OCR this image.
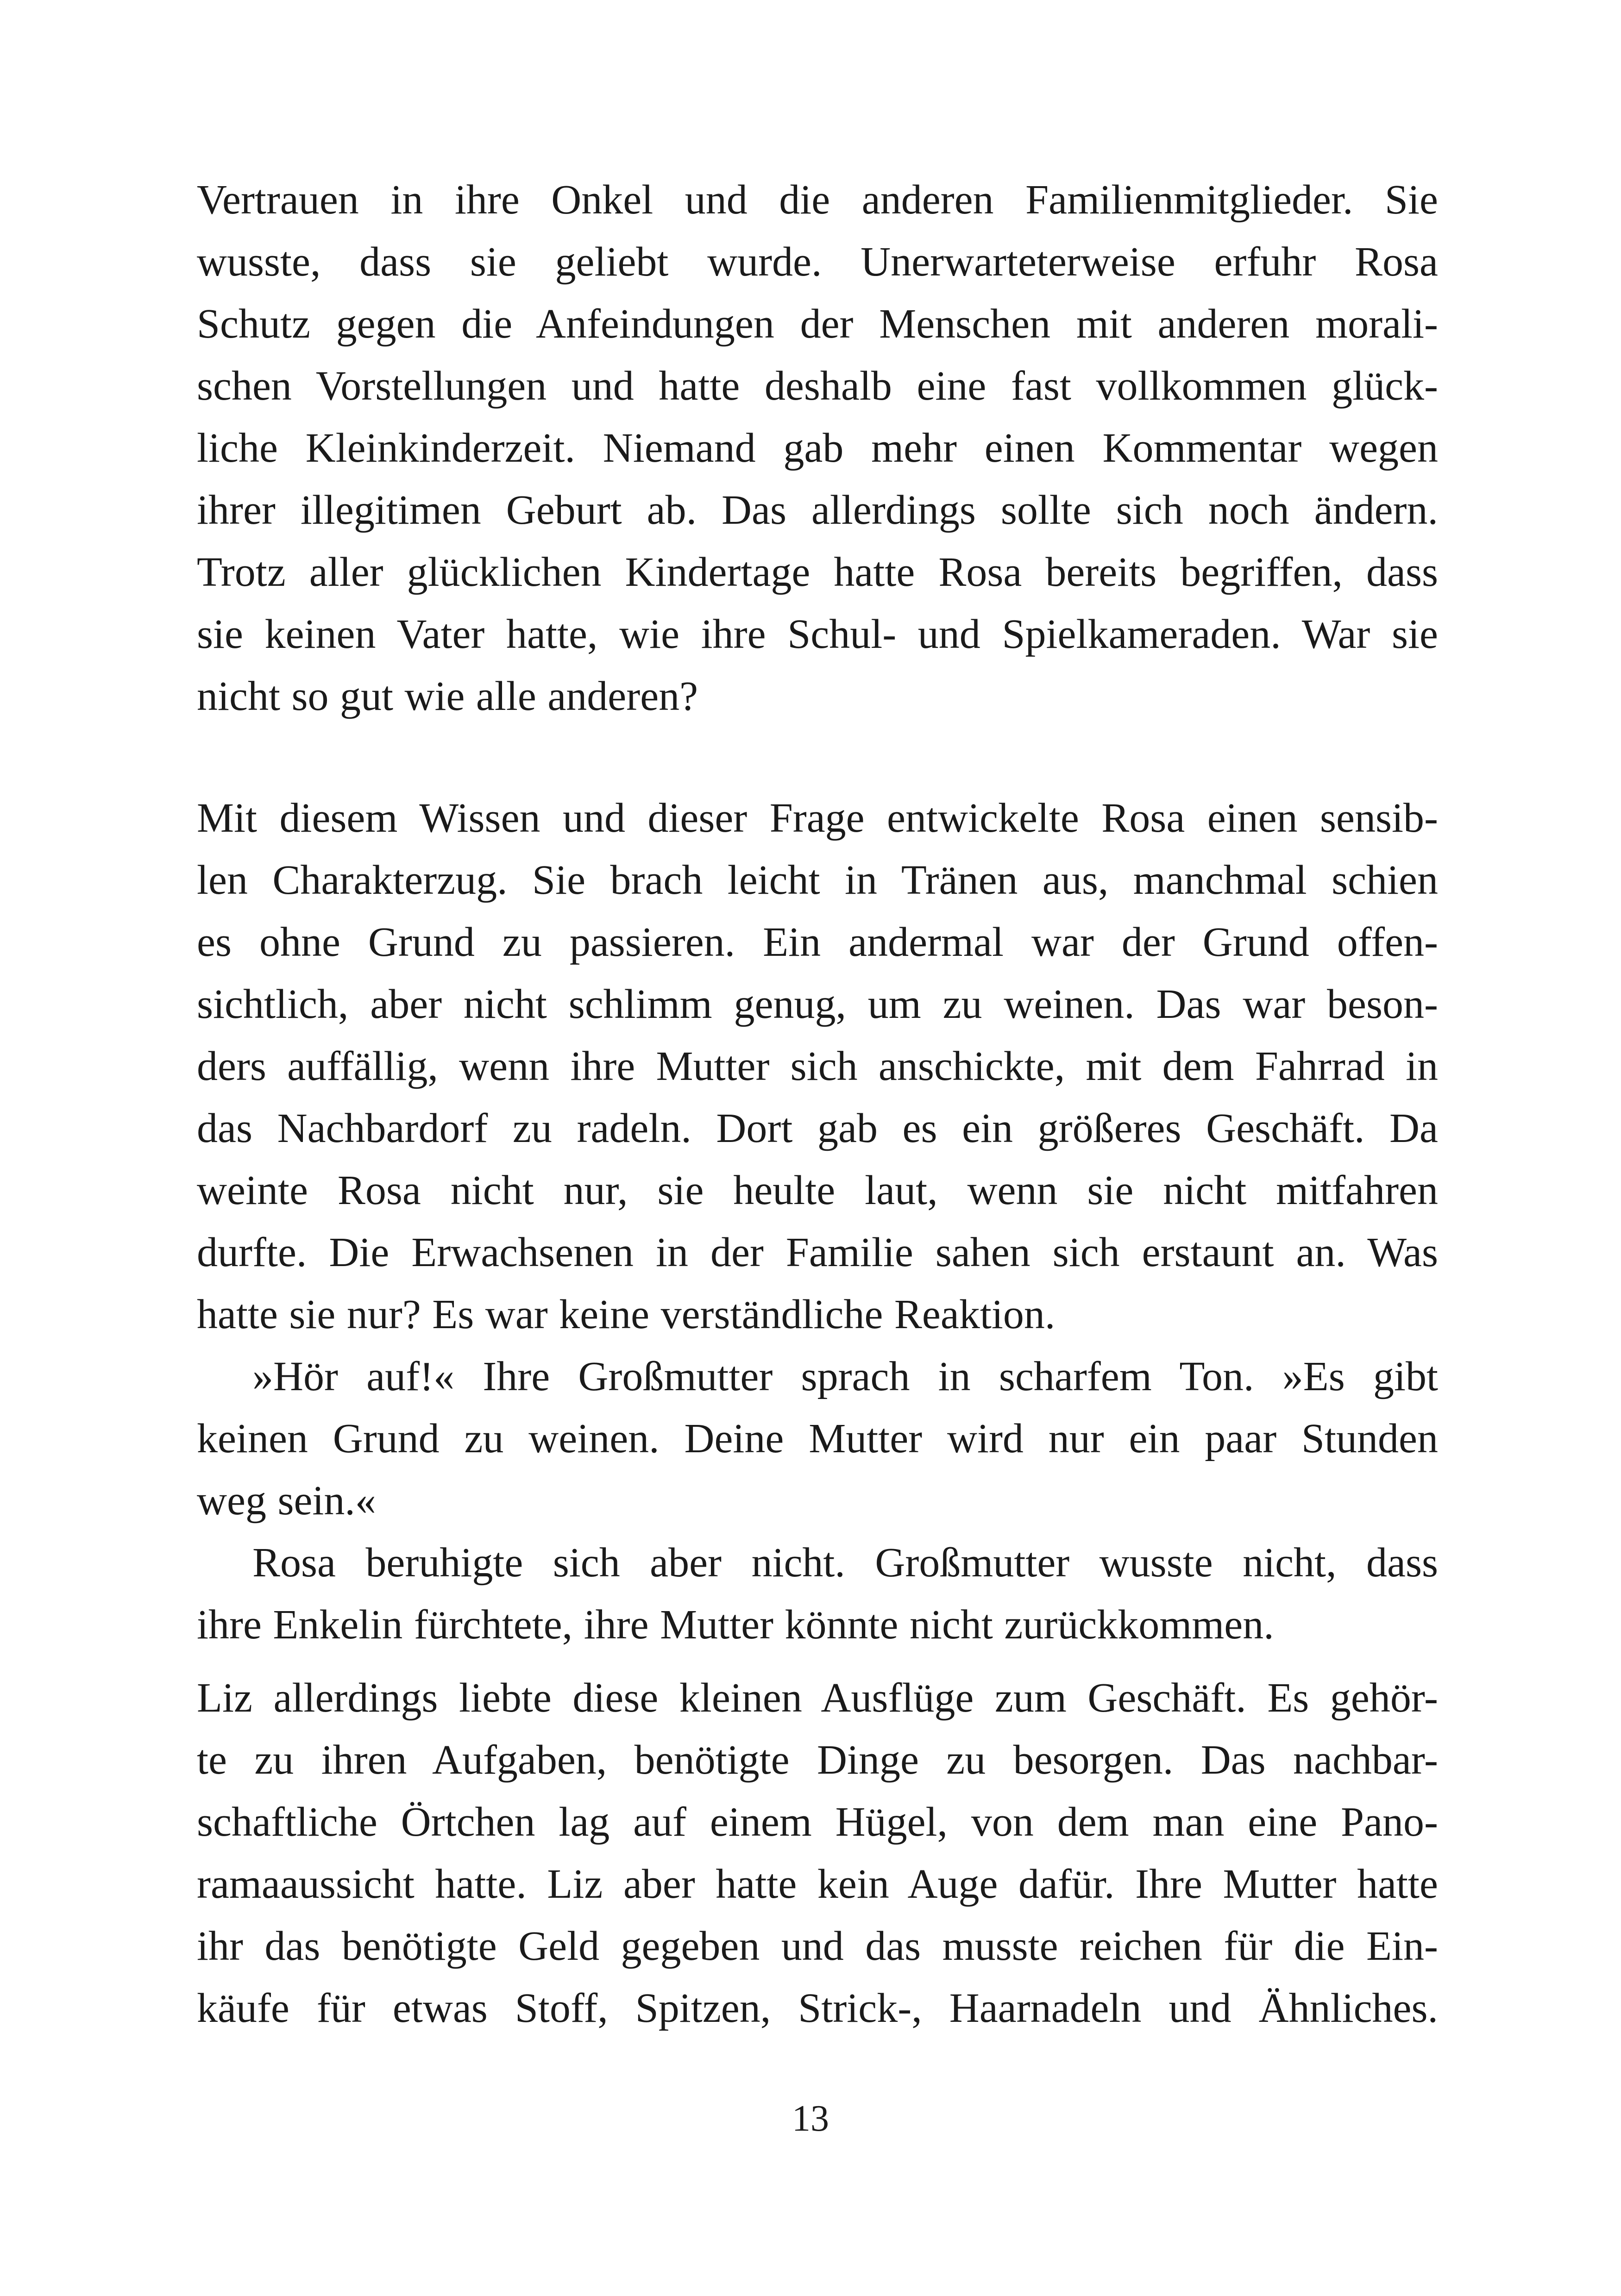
Vertrauen in ihre Onkel und die anderen Familienmitglieder. Sie
wusste, dass sie geliebt wurde. Unerwarteterweise erfuhr Rosa
Schutz gegen die Anfeindungen der Menschen mit anderen morali-
schen Vorstellungen und hatte deshalb eine fast vollkommen glück-
liche Kleinkinderzeit. Niemand gab mehr einen Kommentar wegen
ihrer illegitimen Geburt ab. Das allerdings sollte sich noch ändern.
Trotz aller glücklichen Kindertage hatte Rosa bereits begriffen, dass
sie keinen Vater hatte, wie ihre Schul- und Spielkameraden. War sie
nicht so gut wie alle anderen?
Mit diesem Wissen und dieser Frage entwickelte Rosa einen sensib-
len Charakterzug. Sie brach leicht in Tränen aus, manchmal schien
es ohne Grund zu passieren. Ein andermal war der Grund offen-
sichtlich, aber nicht schlimm genug, um zu weinen. Das war beson-
ders auffällig, wenn ihre Mutter sich anschickte, mit dem Fahrrad in
das Nachbardorf zu radeln. Dort gab es ein größeres Geschäft. Da
weinte Rosa nicht nur, sie heulte laut, wenn sie nicht mitfahren
durfte. Die Erwachsenen in der Familie sahen sich erstaunt an. Was
hatte sie nur? Es war keine verständliche Reaktion.
»Hör auf!« Ihre Großmutter sprach in scharfem Ton. »Es gibt
keinen Grund zu weinen. Deine Mutter wird nur ein paar Stunden
weg sein.«
Rosa beruhigte sich aber nicht. Großmutter wusste nicht, dass
ihre Enkelin fürchtete, ihre Mutter könnte nicht zurückkommen.
Liz allerdings liebte diese kleinen Ausflüge zum Geschäft. Es gehör-
te zu ihren Aufgaben, benötigte Dinge zu besorgen. Das nachbar-
schaftliche Örtchen lag auf einem Hügel, von dem man eine Pano-
ramaaussicht hatte. Liz aber hatte kein Auge dafür. Ihre Mutter hatte
ihr das benötigte Geld gegeben und das musste reichen für die Ein-
käufe für etwas Stoff, Spitzen, Strick-, Haarnadeln und Ähnliches.
13
